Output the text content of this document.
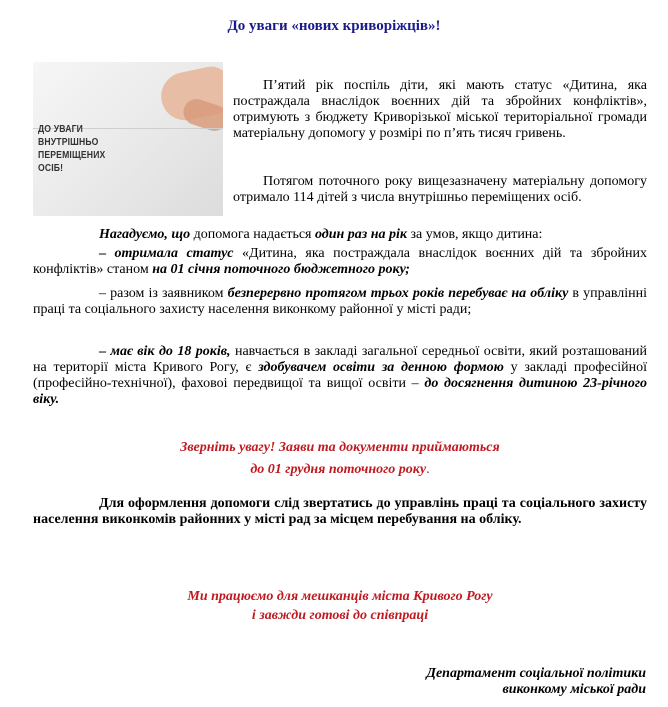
До уваги «нових криворіжців»!
ДО УВАГИ
ВНУТРІШНЬО
ПЕРЕМІЩЕНИХ ОСІБ!
П’ятий рік поспіль діти, які мають статус «Дитина, яка постраждала внаслідок воєнних дій та збройних конфліктів», отримують з бюджету Криворізької міської територіальної громади матеріальну допомогу у розмірі по п’ять тисяч гривень.
Потягом поточного року вищезазначену матеріальну допомогу отримало 114 дітей з числа внутрішньо переміщених осіб.
Нагадуємо, що допомога надається один раз на рік за умов, якщо дитина:
– отримала статус «Дитина, яка постраждала внаслідок воєнних дій та збройних конфліктів» станом на 01 січня поточного бюджетного року;
– разом із заявником безперервно протягом трьох років перебуває на обліку в управлінні праці та соціального захисту населення виконкому районної у місті ради;
– має вік до 18 років, навчається в закладі загальної середньої освіти, який розташований на території міста Кривого Рогу, є здобувачем освіти за денною формою у закладі професійної (професійно-технічної), фаховоі передвищої та вищої освіти – до досягнення дитиною 23-річного віку.
Зверніть увагу! Заяви та документи приймаються
до 01 грудня поточного року.
Для оформлення допомоги слід звертатись до управлінь праці та соціального захисту населення виконкомів районних у місті рад за місцем перебування на обліку.
Ми працюємо для мешканців міста Кривого Рогу
і завжди готові до співпраці
Департамент соціальної політики
виконкому міської ради
